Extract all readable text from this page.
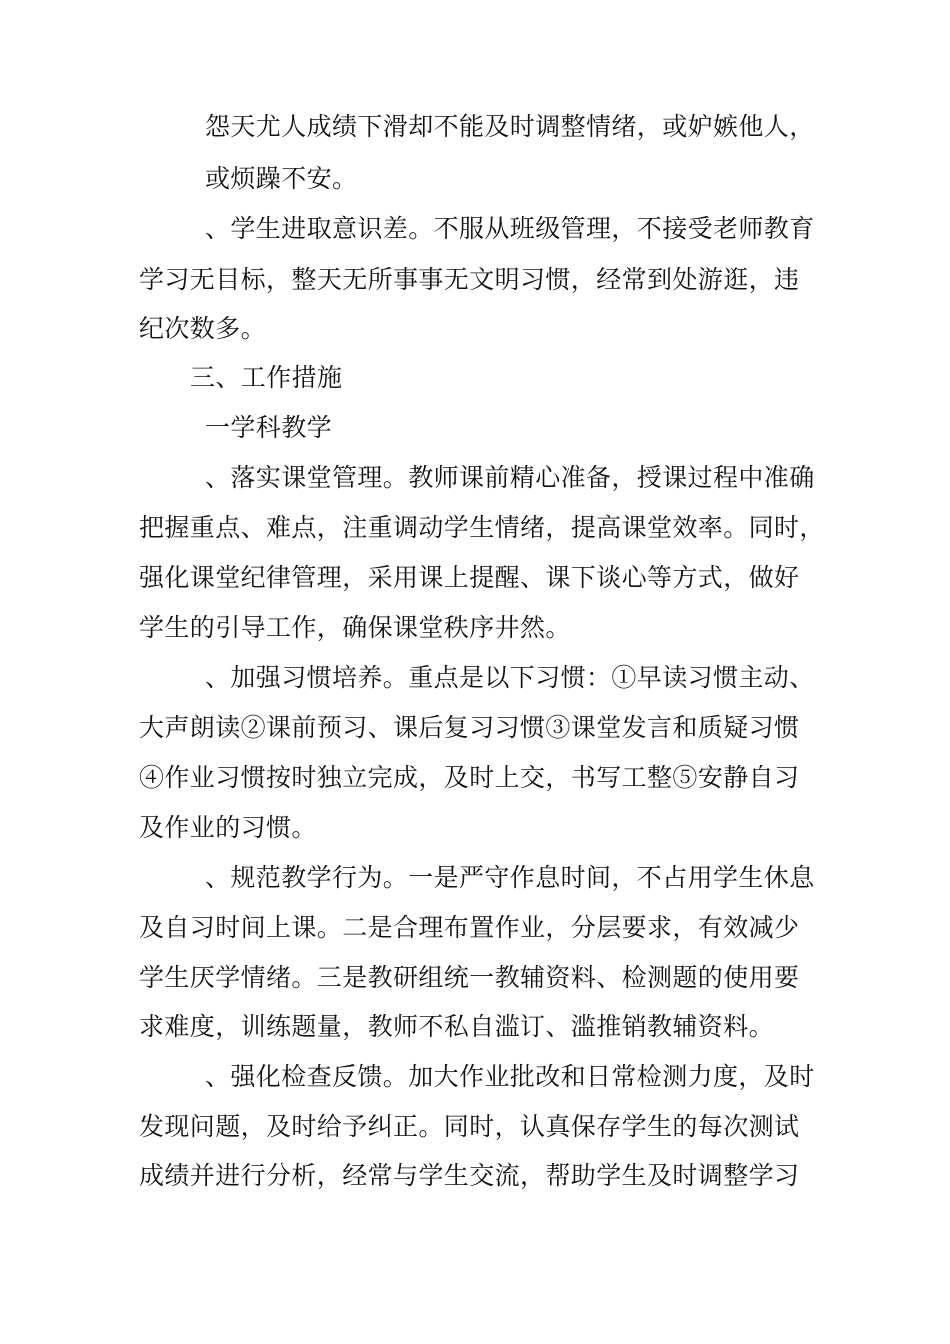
怨天尤人成绩下滑却不能及时调整情绪，或妒嫉他人，
或烦躁不安。
、学生进取意识差。不服从班级管理，不接受老师教育
学习无目标，整天无所事事无文明习惯，经常到处游逛，违
纪次数多。
三、工作措施
一学科教学
、落实课堂管理。教师课前精心准备，授课过程中准确
把握重点、难点，注重调动学生情绪，提高课堂效率。同时，
强化课堂纪律管理，采用课上提醒、课下谈心等方式，做好
学生的引导工作，确保课堂秩序井然。
、加强习惯培养。重点是以下习惯：①早读习惯主动、
大声朗读②课前预习、课后复习习惯③课堂发言和质疑习惯
④作业习惯按时独立完成，及时上交，书写工整⑤安静自习
及作业的习惯。
、规范教学行为。一是严守作息时间，不占用学生休息
及自习时间上课。二是合理布置作业，分层要求，有效减少
学生厌学情绪。三是教研组统一教辅资料、检测题的使用要
求难度，训练题量，教师不私自滥订、滥推销教辅资料。
、强化检查反馈。加大作业批改和日常检测力度，及时
发现问题，及时给予纠正。同时，认真保存学生的每次测试
成绩并进行分析，经常与学生交流，帮助学生及时调整学习
